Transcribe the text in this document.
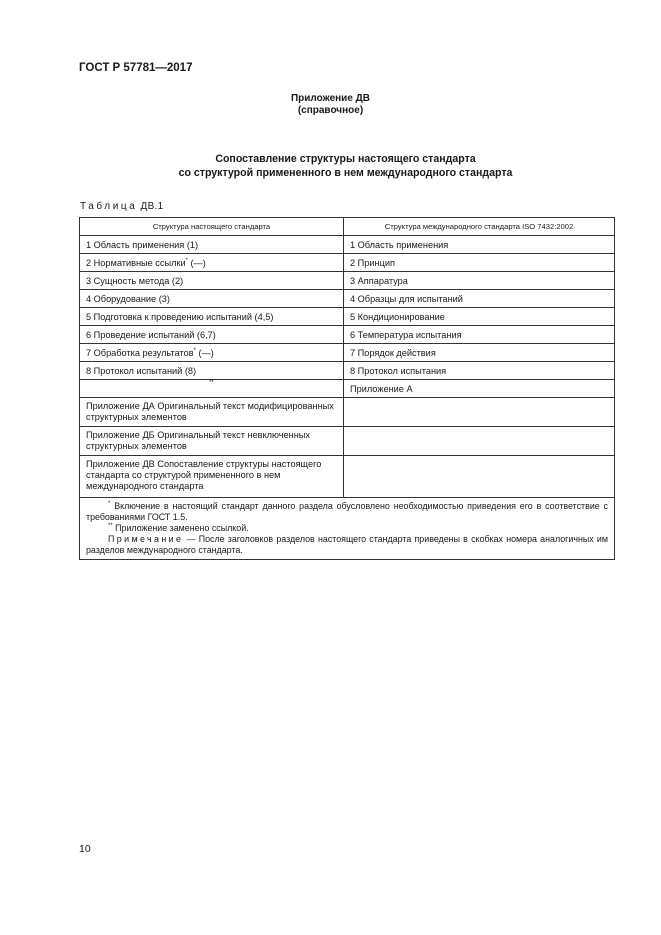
ГОСТ Р 57781—2017
Приложение ДВ
(справочное)
Сопоставление структуры настоящего стандарта
со структурой примененного в нем международного стандарта
Таблица ДВ.1
Структура настоящего стандарта	Структура международного стандарта ISO 7432:2002
1 Область применения (1)	1 Область применения
2 Нормативные ссылки* (—)	2 Принцип
3 Сущность метода (2)	3 Аппаратура
4 Оборудование (3)	4 Образцы для испытаний
5 Подготовка к проведению испытаний (4,5)	5 Кондиционирование
6 Проведение испытаний (6,7)	6 Температура испытания
7 Обработка результатов* (—)	7 Порядок действия
8 Протокол испытаний (8)	8 Протокол испытания
**	Приложение А
Приложение ДА Оригинальный текст модифицированных структурных элементов	
Приложение ДБ Оригинальный текст невключенных структурных элементов	
Приложение ДВ Сопоставление структуры настоящего стандарта со структурой примененного в нем международного стандарта	

* Включение в настоящий стандарт данного раздела обусловлено необходимостью приведения его в соответствие с требованиями ГОСТ 1.5.
** Приложение заменено ссылкой.
Примечание — После заголовков разделов настоящего стандарта приведены в скобках номера аналогичных им разделов международного стандарта.	
10
